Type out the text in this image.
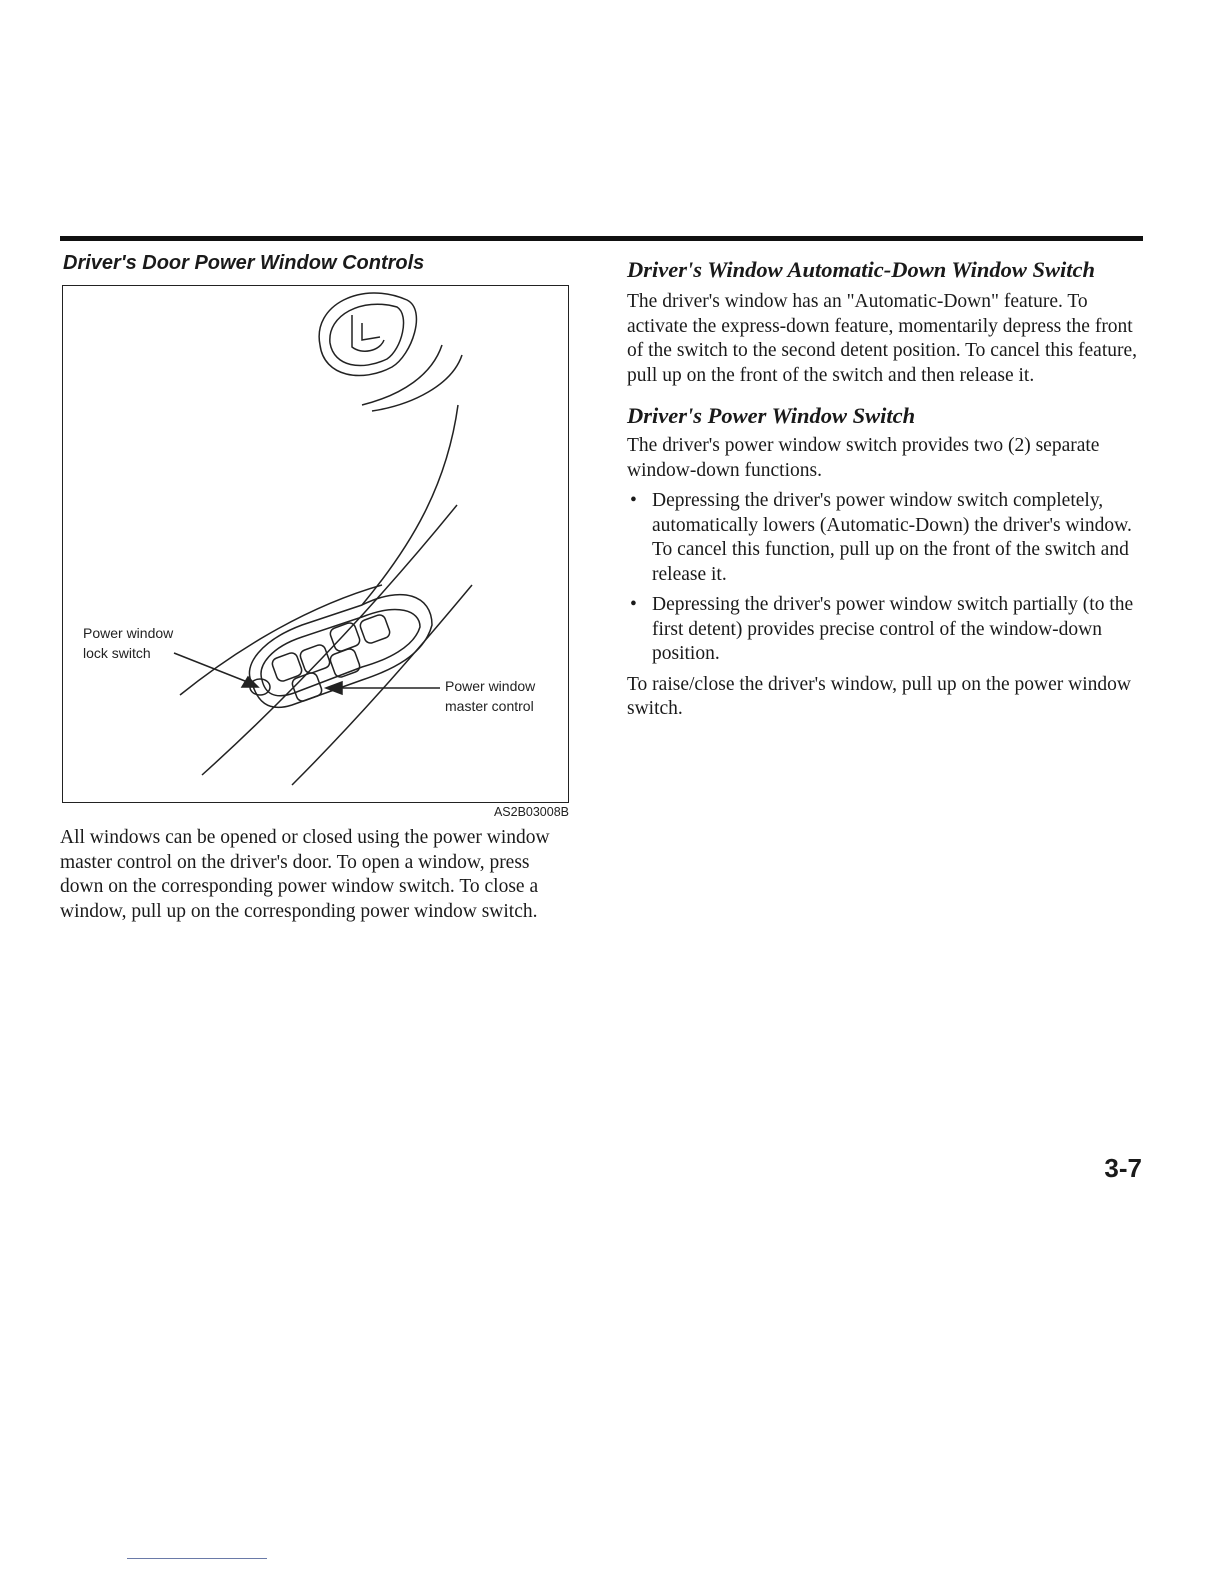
Driver's Door Power Window Controls
Power window
lock switch
Power window
master control
AS2B03008B

All windows can be opened or closed using the power window master control on the driver's door. To open a window, press down on the corresponding power window switch. To close a window, pull up on the corresponding power window switch.

Driver's Window Automatic-Down Window Switch

The driver's window has an "Automatic-Down" feature. To activate the express-down feature, momentarily depress the front of the switch to the second detent position. To cancel this feature, pull up on the front of the switch and then release it.

Driver's Power Window Switch

The driver's power window switch provides two (2) separate window-down functions.

• Depressing the driver's power window switch completely, automatically lowers (Automatic-Down) the driver's window. To cancel this function, pull up on the front of the switch and release it.
• Depressing the driver's power window switch partially (to the first detent) provides precise control of the window-down position.

To raise/close the driver's window, pull up on the power window switch.

3-7
